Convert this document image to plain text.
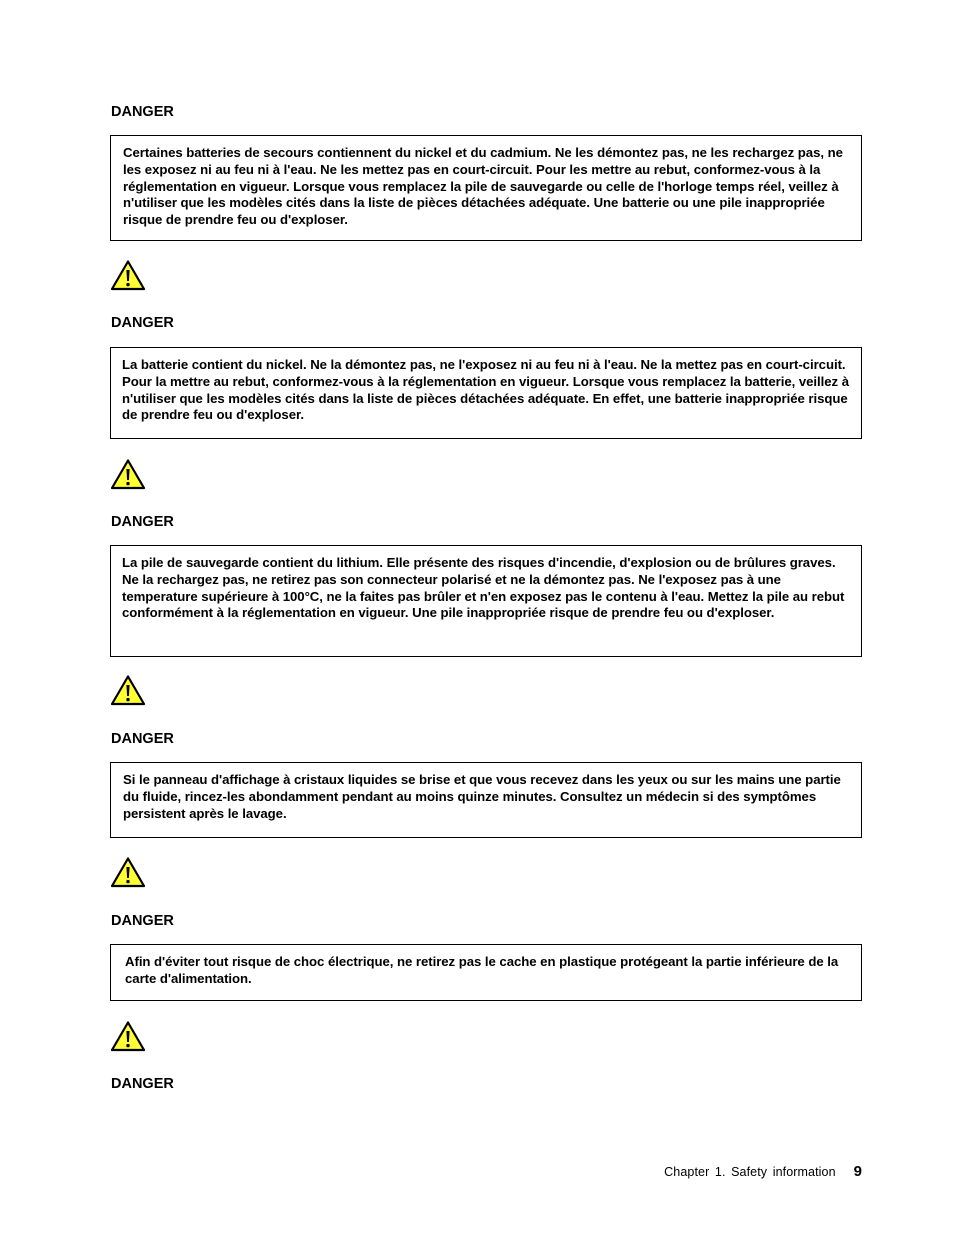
DANGER

Certaines batteries de secours contiennent du nickel et du cadmium. Ne les démontez pas, ne les rechargez pas, ne les exposez ni au feu ni à l'eau. Ne les mettez pas en court-circuit. Pour les mettre au rebut, conformez-vous à la réglementation en vigueur. Lorsque vous remplacez la pile de sauvegarde ou celle de l'horloge temps réel, veillez à n'utiliser que les modèles cités dans la liste de pièces détachées adéquate. Une batterie ou une pile inappropriée risque de prendre feu ou d'exploser.

DANGER

La batterie contient du nickel. Ne la démontez pas, ne l'exposez ni au feu ni à l'eau. Ne la mettez pas en court-circuit. Pour la mettre au rebut, conformez-vous à la réglementation en vigueur. Lorsque vous remplacez la batterie, veillez à n'utiliser que les modèles cités dans la liste de pièces détachées adéquate. En effet, une batterie inappropriée risque de prendre feu ou d'exploser.

DANGER

La pile de sauvegarde contient du lithium. Elle présente des risques d'incendie, d'explosion ou de brûlures graves. Ne la rechargez pas, ne retirez pas son connecteur polarisé et ne la démontez pas. Ne l'exposez pas à une temperature supérieure à 100°C, ne la faites pas brûler et n'en exposez pas le contenu à l'eau. Mettez la pile au rebut conformément à la réglementation en vigueur. Une pile inappropriée risque de prendre feu ou d'exploser.

DANGER

Si le panneau d'affichage à cristaux liquides se brise et que vous recevez dans les yeux ou sur les mains une partie du fluide, rincez-les abondamment pendant au moins quinze minutes. Consultez un médecin si des symptômes persistent après le lavage.

DANGER

Afin d'éviter tout risque de choc électrique, ne retirez pas le cache en plastique protégeant la partie inférieure de la carte d'alimentation.

DANGER
Chapter 1. Safety information 9
